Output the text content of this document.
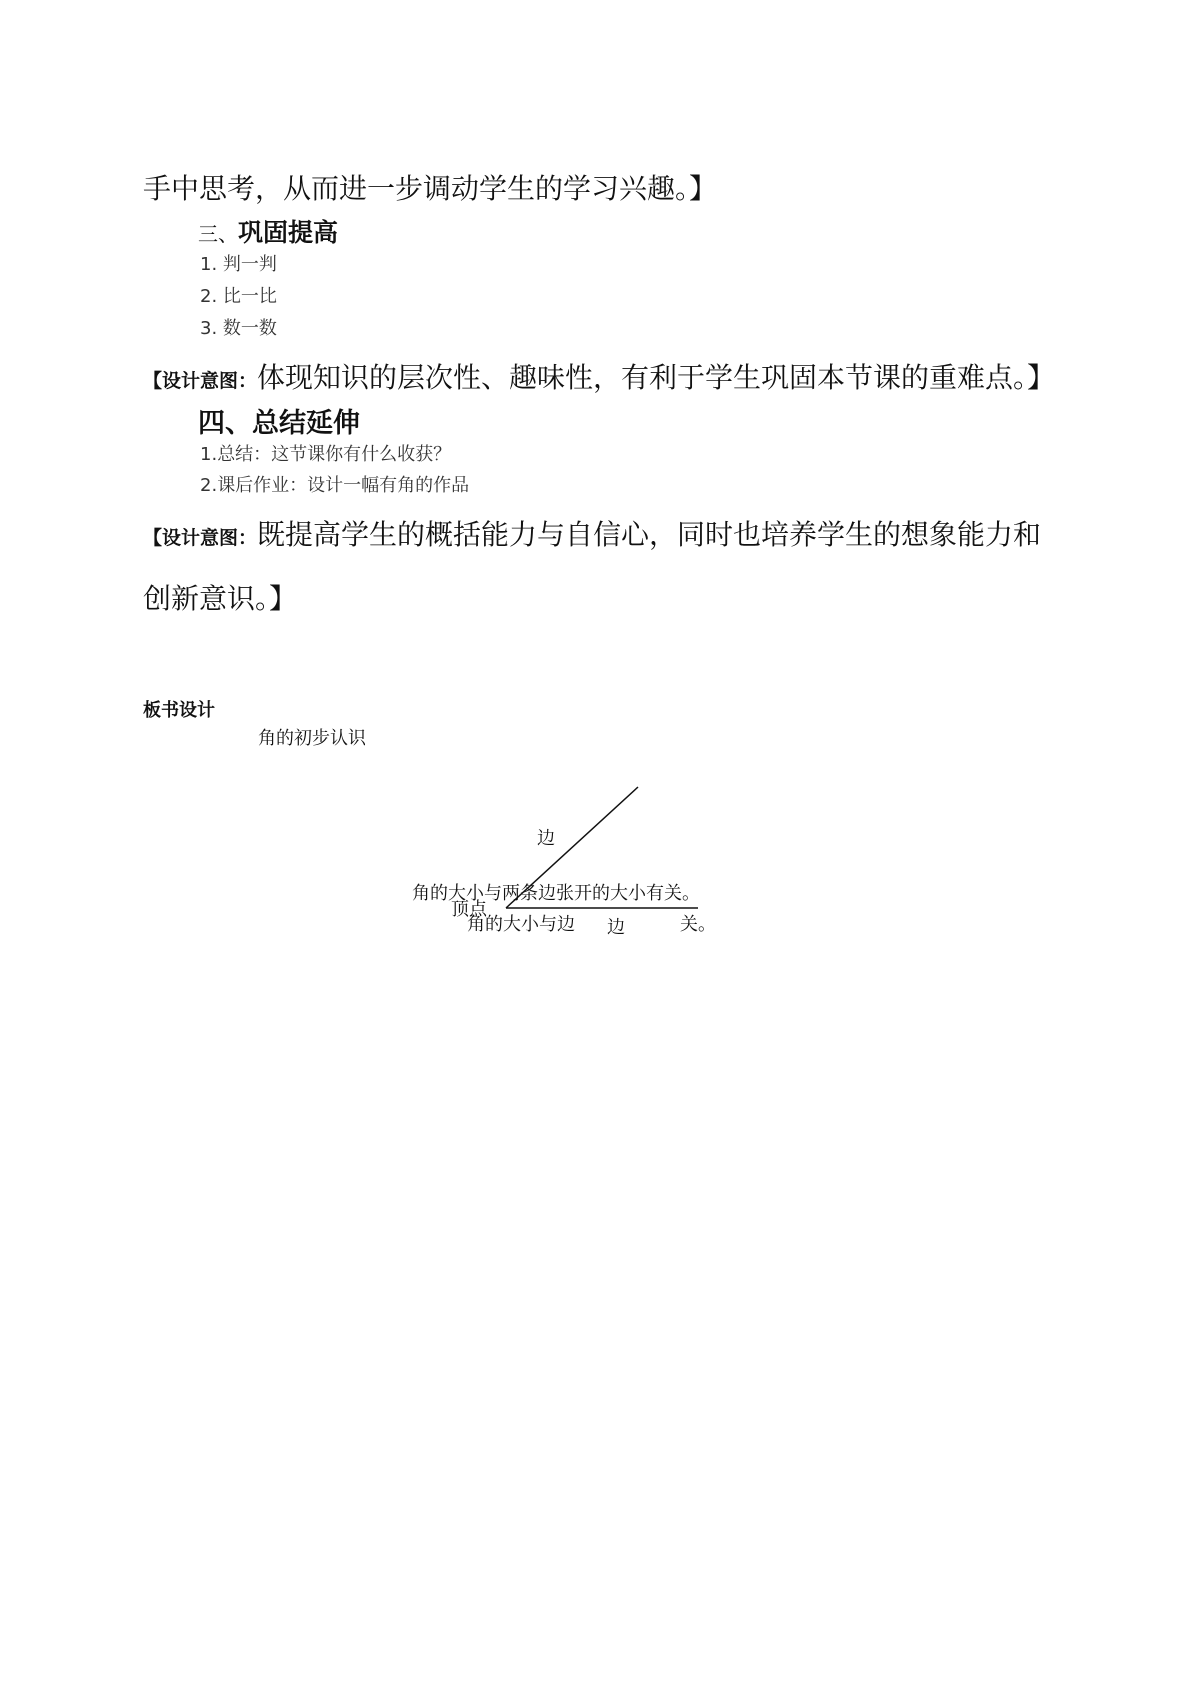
手中思考，从而进一步调动学生的学习兴趣。】
三、巩固提高
1. 判一判
2. 比一比
3. 数一数
【设计意图：体现知识的层次性、趣味性，有利于学生巩固本节课的重难点。】
四、总结延伸
1.总结：这节课你有什么收获？
2.课后作业：设计一幅有角的作品
【设计意图：既提高学生的概括能力与自信心，同时也培养学生的想象能力和
创新意识。】
板书设计
角的初步认识
边
角的大小与两条边张开的大小有关。
顶点
角的大小与边 边	关。
